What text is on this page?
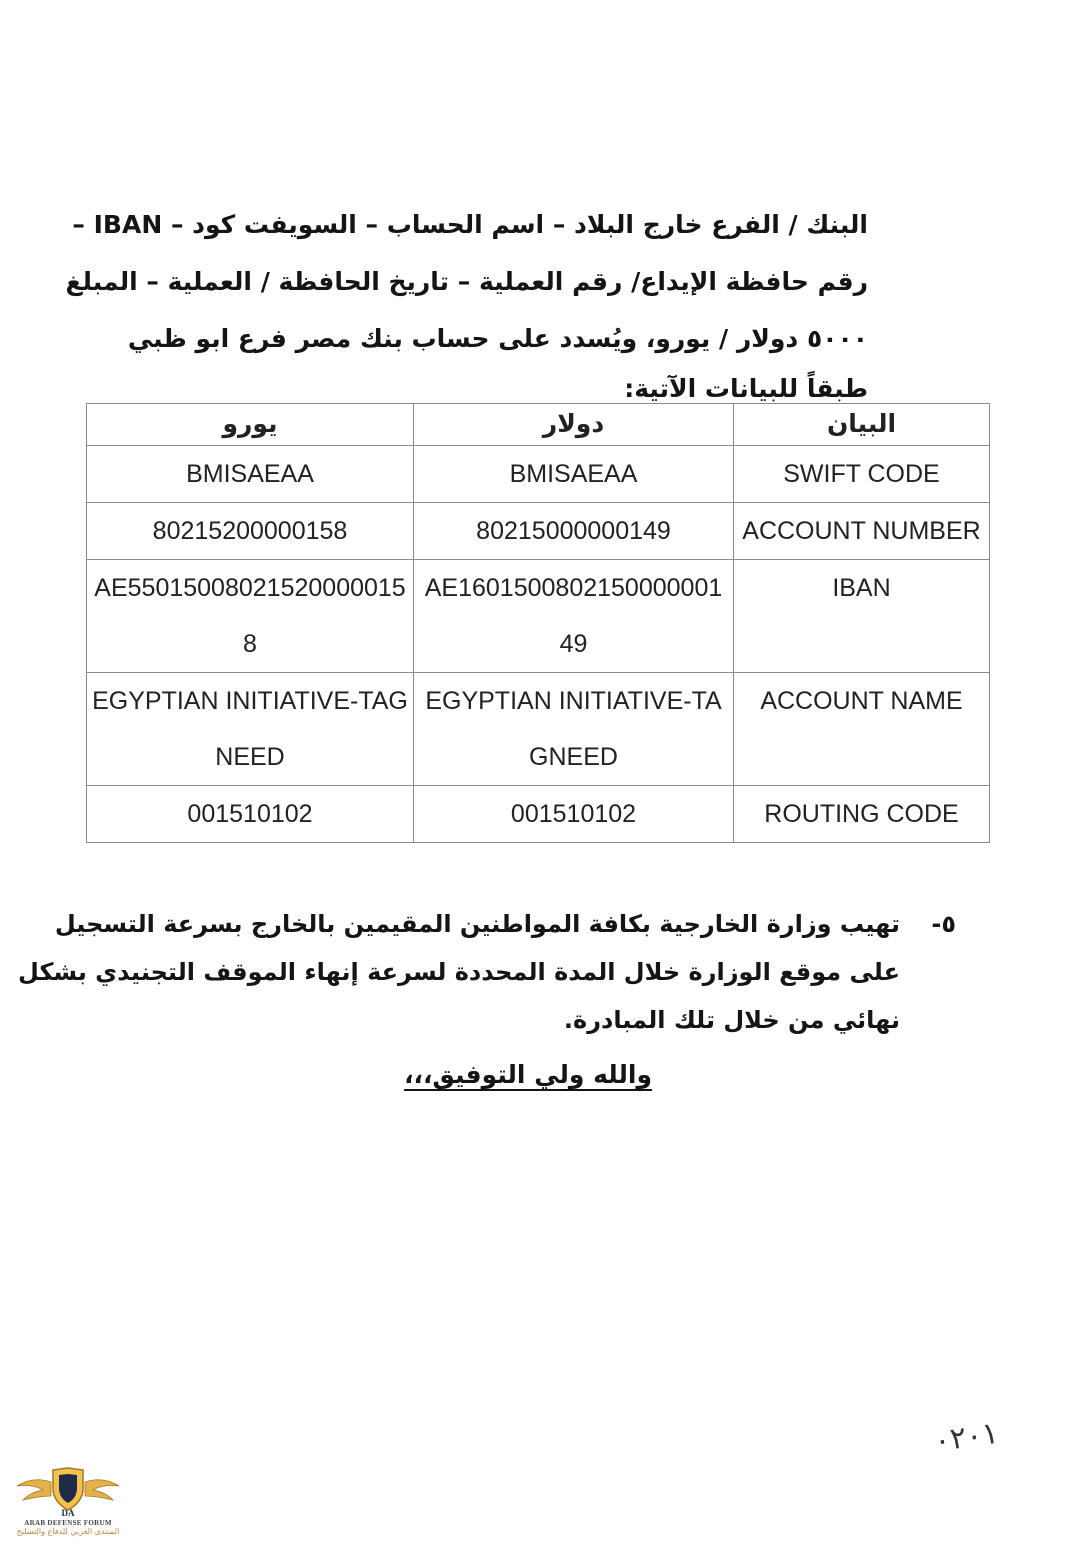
البنك / الفرع خارج البلاد – اسم الحساب – السويفت كود – IBAN –
رقم حافظة الإيداع/ رقم العملية – تاريخ الحافظة / العملية – المبلغ
٥٠٠٠ دولار / يورو، ويُسدد على حساب بنك مصر فرع ابو ظبي
طبقاً للبيانات الآتية:
يورو	دولار	البيان
BMISAEAA	BMISAEAA	SWIFT CODE
80215200000158	80215000000149	ACCOUNT NUMBER
AE550150080215200000158	AE160150080215000000149	IBAN
EGYPTIAN INITIATIVE-TAGNEED	EGYPTIAN INITIATIVE-TAGNEED	ACCOUNT NAME
001510102	001510102	ROUTING CODE
٥-
تهيب وزارة الخارجية بكافة المواطنين المقيمين بالخارج بسرعة التسجيل
على موقع الوزارة خلال المدة المحددة لسرعة إنهاء الموقف التجنيدي بشكل
نهائي من خلال تلك المبادرة.
والله ولي التوفيق،،،
٠٢٠١
DA
ARAB DEFENSE FORUM
المنتدى العربي للدفاع والتسليح
